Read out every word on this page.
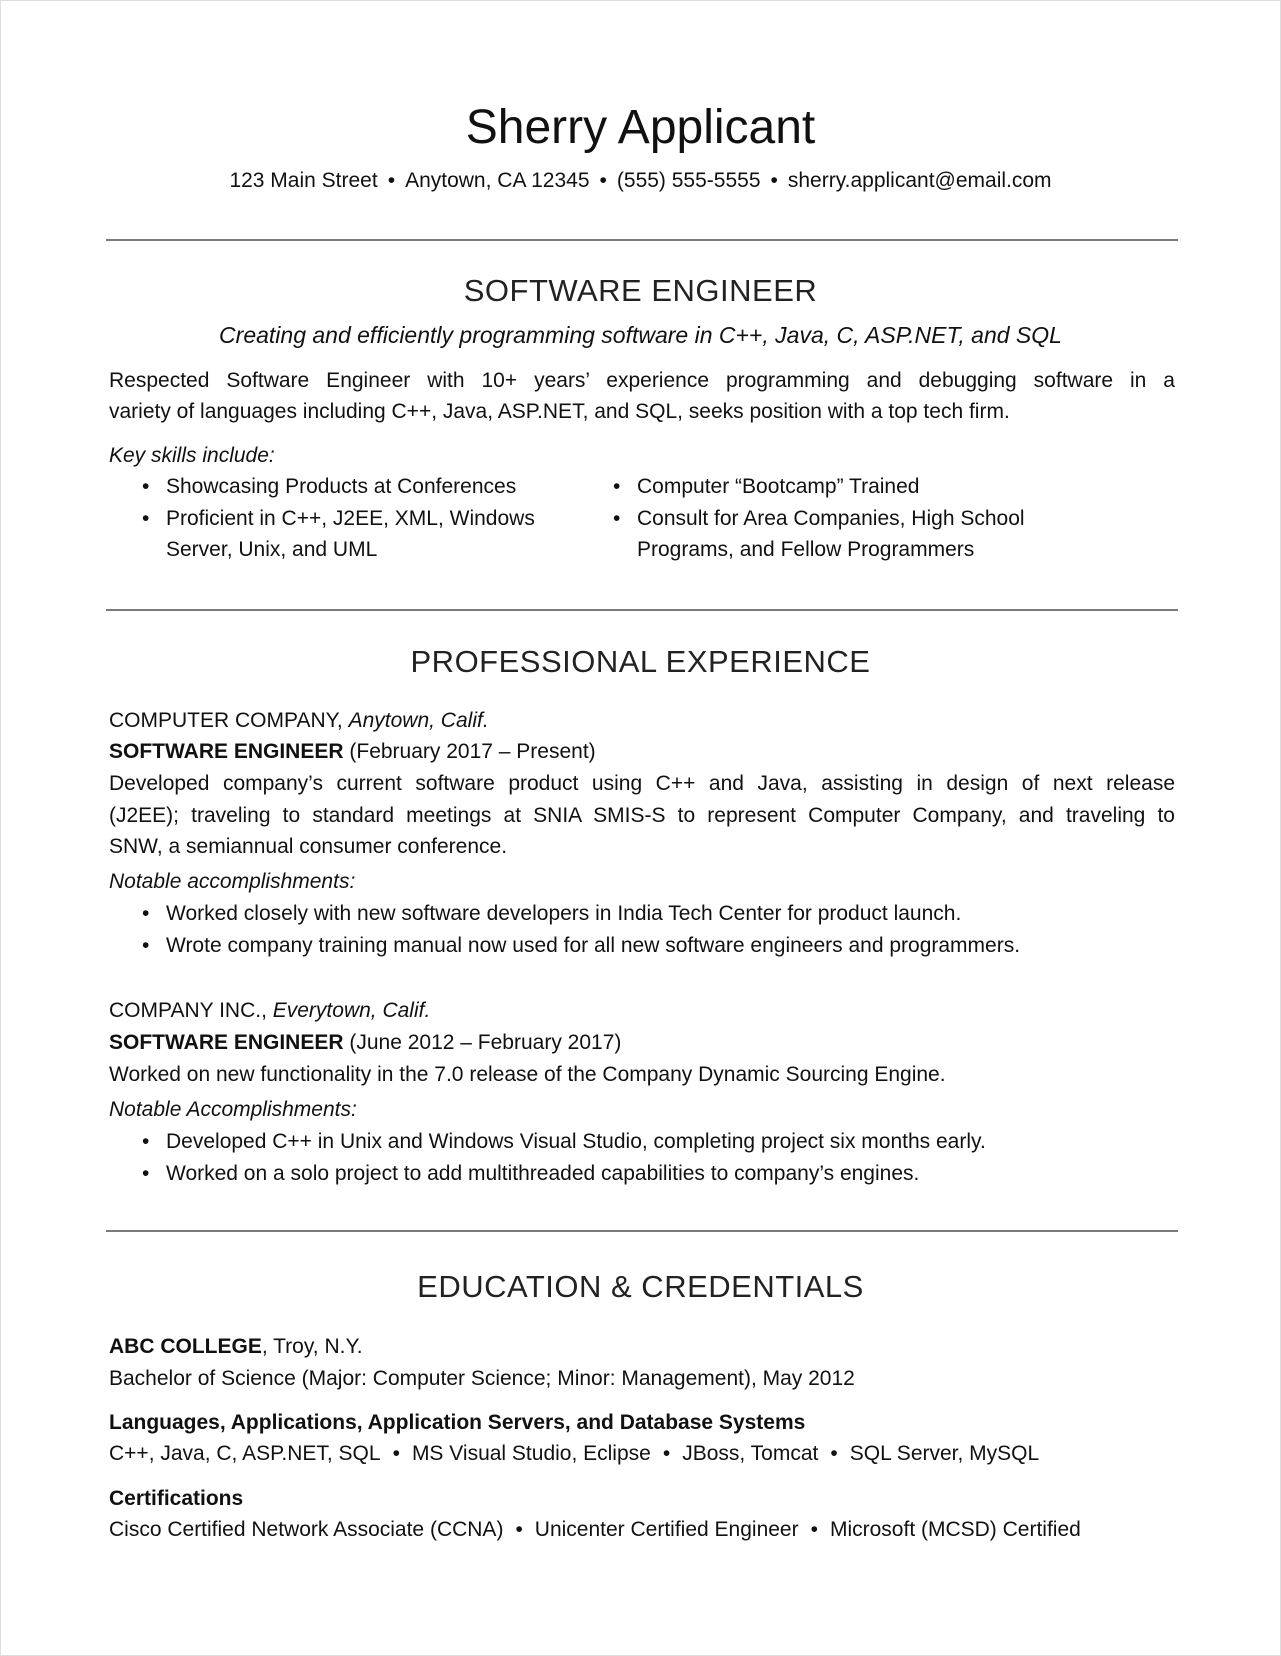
Sherry Applicant
123 Main Street • Anytown, CA 12345 • (555) 555-5555 • sherry.applicant@email.com
SOFTWARE ENGINEER
Creating and efficiently programming software in C++, Java, C, ASP.NET, and SQL
Respected Software Engineer with 10+ years’ experience programming and debugging software in a
variety of languages including C++, Java, ASP.NET, and SQL, seeks position with a top tech firm.
Key skills include:
• Showcasing Products at Conferences
• Proficient in C++, J2EE, XML, Windows
Server, Unix, and UML
• Computer “Bootcamp” Trained
• Consult for Area Companies, High School
Programs, and Fellow Programmers
PROFESSIONAL EXPERIENCE
COMPUTER COMPANY, Anytown, Calif.
SOFTWARE ENGINEER (February 2017 – Present)
Developed company’s current software product using C++ and Java, assisting in design of next release
(J2EE); traveling to standard meetings at SNIA SMIS-S to represent Computer Company, and traveling to
SNW, a semiannual consumer conference.
Notable accomplishments:
• Worked closely with new software developers in India Tech Center for product launch.
• Wrote company training manual now used for all new software engineers and programmers.
COMPANY INC., Everytown, Calif.
SOFTWARE ENGINEER (June 2012 – February 2017)
Worked on new functionality in the 7.0 release of the Company Dynamic Sourcing Engine.
Notable Accomplishments:
• Developed C++ in Unix and Windows Visual Studio, completing project six months early.
• Worked on a solo project to add multithreaded capabilities to company’s engines.
EDUCATION & CREDENTIALS
ABC COLLEGE, Troy, N.Y.
Bachelor of Science (Major: Computer Science; Minor: Management), May 2012
Languages, Applications, Application Servers, and Database Systems
C++, Java, C, ASP.NET, SQL • MS Visual Studio, Eclipse • JBoss, Tomcat • SQL Server, MySQL
Certifications
Cisco Certified Network Associate (CCNA) • Unicenter Certified Engineer • Microsoft (MCSD) Certified
